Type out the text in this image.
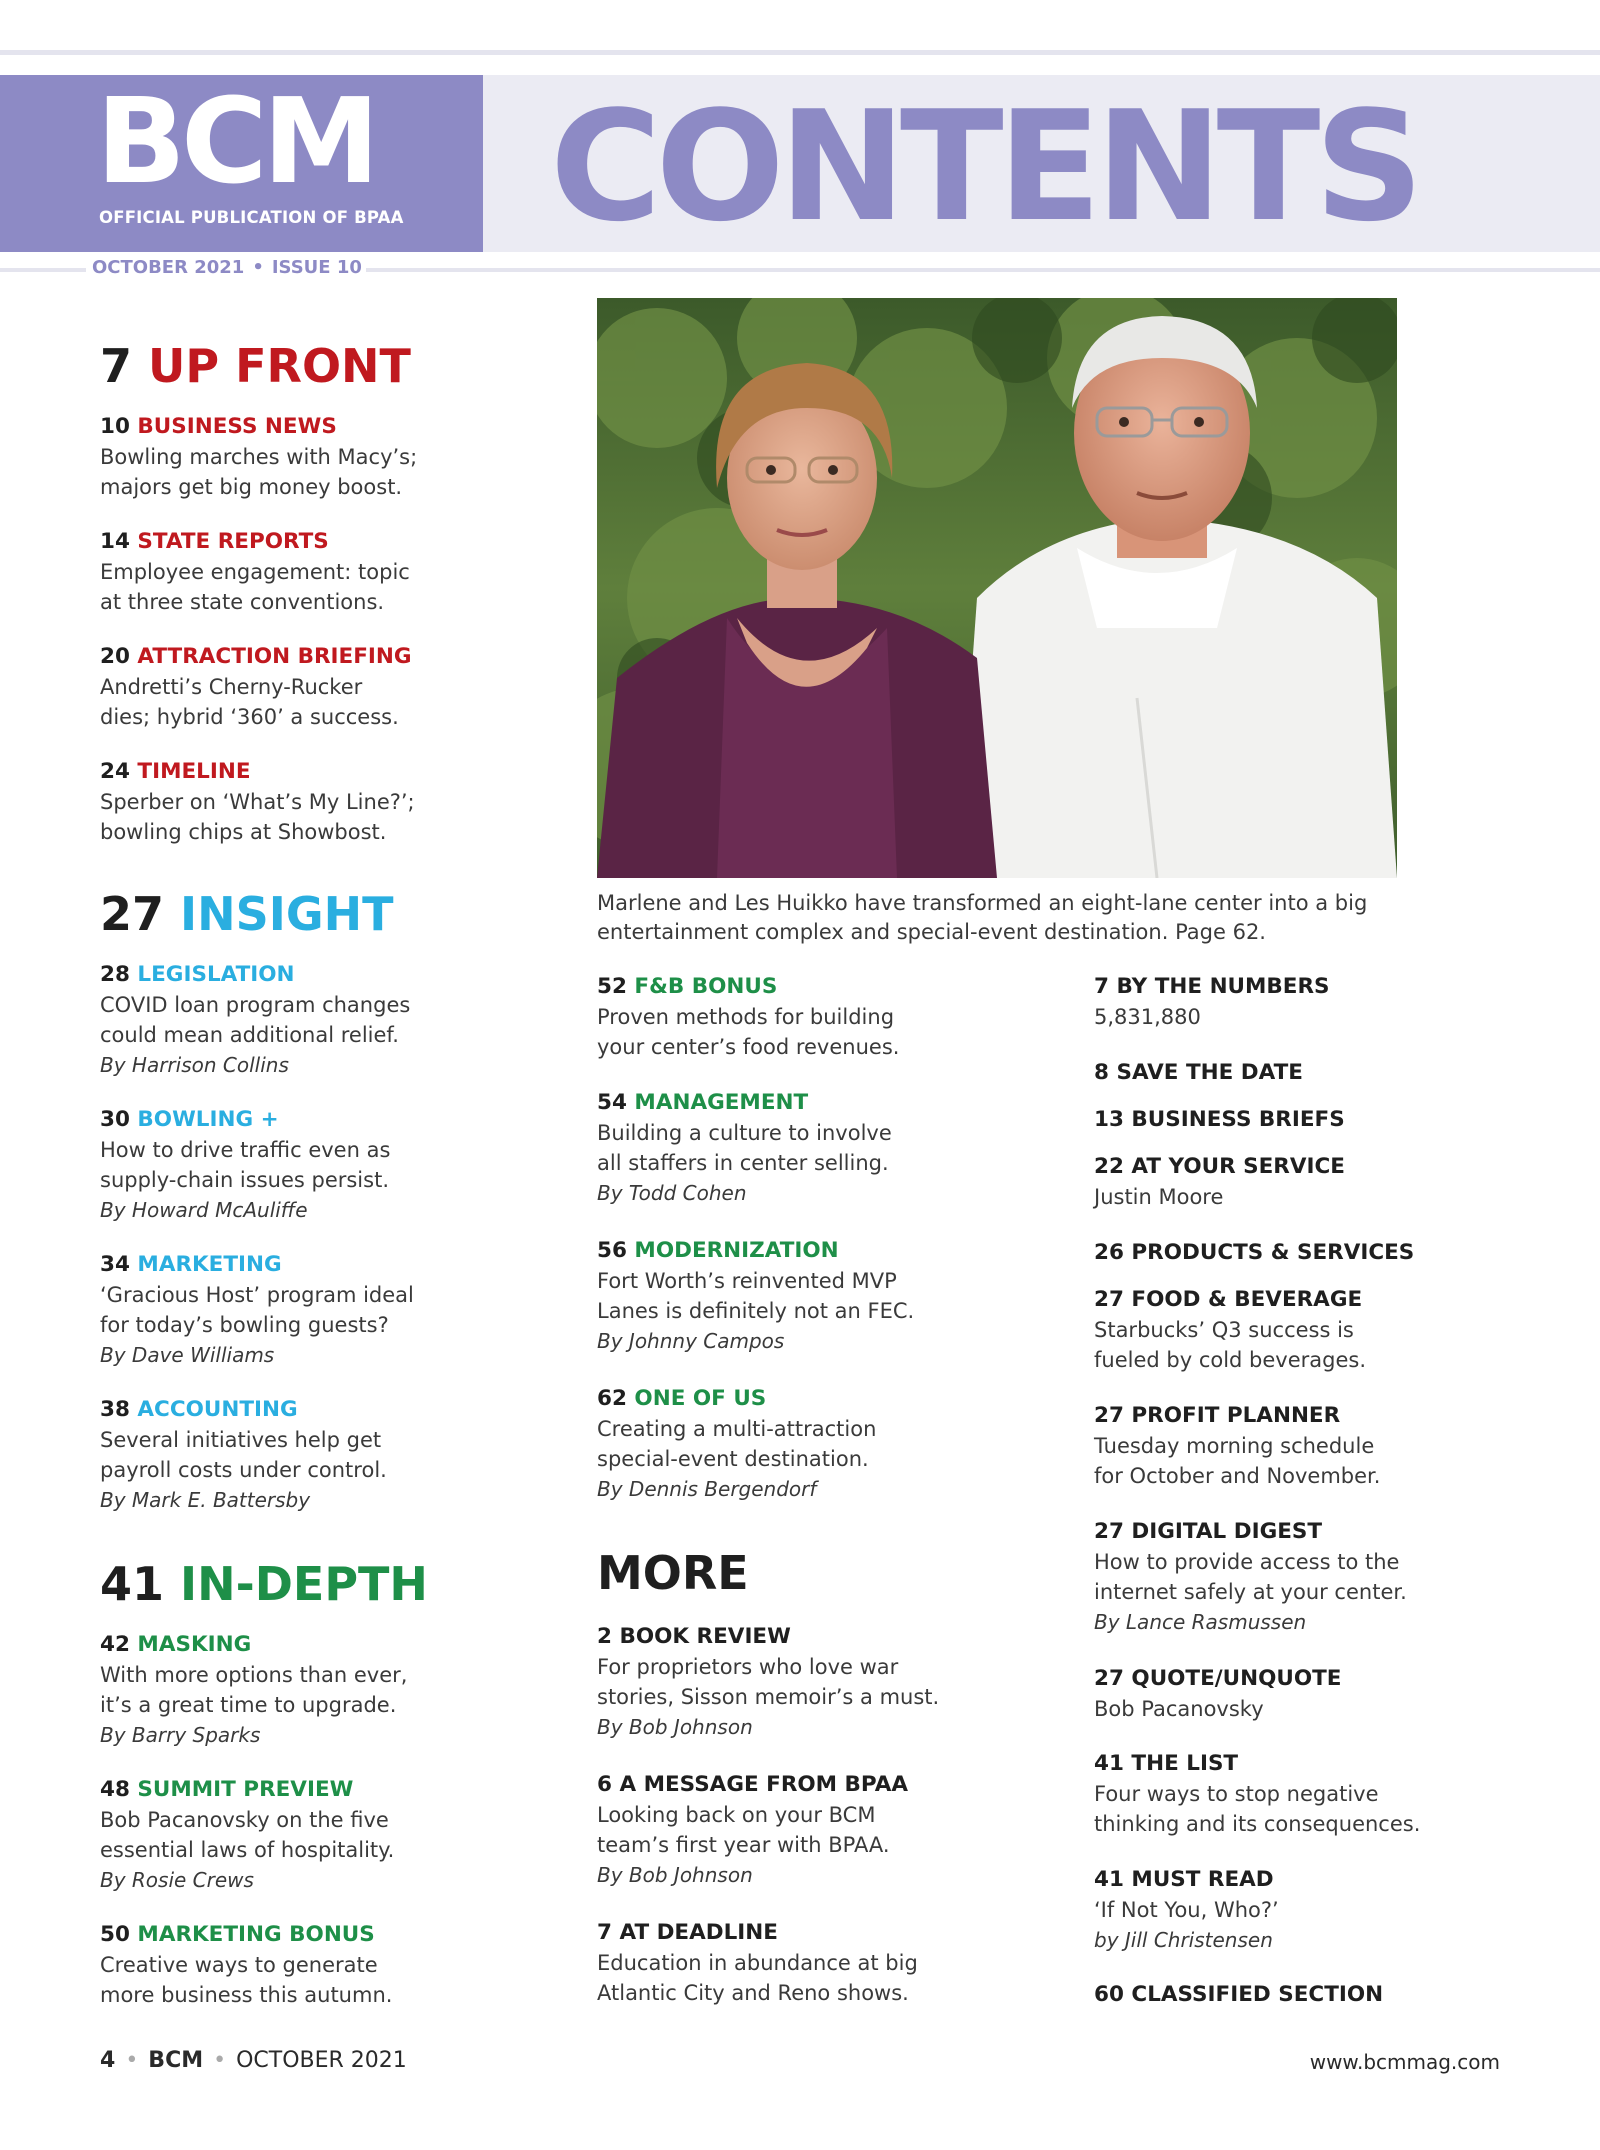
BCM
OFFICIAL PUBLICATION OF BPAA CONTENTS
OCTOBER 2021 • ISSUE 10
Marlene and Les Huikko have transformed an eight-lane center into a big entertainment complex and special-event destination. Page 62.
7 UP FRONT
10 BUSINESS NEWS
Bowling marches with Macy’s;
majors get big money boost.
14 STATE REPORTS
Employee engagement: topic
at three state conventions.
20 ATTRACTION BRIEFING
Andretti’s Cherny-Rucker
dies; hybrid ‘360’ a success.
24 TIMELINE
Sperber on ‘What’s My Line?’;
bowling chips at Showbost.
27 INSIGHT
28 LEGISLATION
COVID loan program changes
could mean additional relief.
By Harrison Collins
30 BOWLING +
How to drive traffic even as
supply-chain issues persist.
By Howard McAuliffe
34 MARKETING
‘Gracious Host’ program ideal
for today’s bowling guests?
By Dave Williams
38 ACCOUNTING
Several initiatives help get
payroll costs under control.
By Mark E. Battersby
41 IN-DEPTH
42 MASKING
With more options than ever,
it’s a great time to upgrade.
By Barry Sparks
48 SUMMIT PREVIEW
Bob Pacanovsky on the five
essential laws of hospitality.
By Rosie Crews
50 MARKETING BONUS
Creative ways to generate
more business this autumn.
52 F&B BONUS
Proven methods for building
your center’s food revenues.
54 MANAGEMENT
Building a culture to involve
all staffers in center selling.
By Todd Cohen
56 MODERNIZATION
Fort Worth’s reinvented MVP
Lanes is definitely not an FEC.
By Johnny Campos
62 ONE OF US
Creating a multi-attraction
special-event destination.
By Dennis Bergendorf
MORE
2 BOOK REVIEW
For proprietors who love war
stories, Sisson memoir’s a must.
By Bob Johnson
6 A MESSAGE FROM BPAA
Looking back on your BCM
team’s first year with BPAA.
By Bob Johnson
7 AT DEADLINE
Education in abundance at big
Atlantic City and Reno shows.
7 BY THE NUMBERS
5,831,880
8 SAVE THE DATE
13 BUSINESS BRIEFS
22 AT YOUR SERVICE
Justin Moore
26 PRODUCTS & SERVICES
27 FOOD & BEVERAGE
Starbucks’ Q3 success is
fueled by cold beverages.
27 PROFIT PLANNER
Tuesday morning schedule
for October and November.
27 DIGITAL DIGEST
How to provide access to the
internet safely at your center.
By Lance Rasmussen
27 QUOTE/UNQUOTE
Bob Pacanovsky
41 THE LIST
Four ways to stop negative
thinking and its consequences.
41 MUST READ
‘If Not You, Who?’
by Jill Christensen
60 CLASSIFIED SECTION
4 • BCM • OCTOBER 2021	www.bcmmag.com
